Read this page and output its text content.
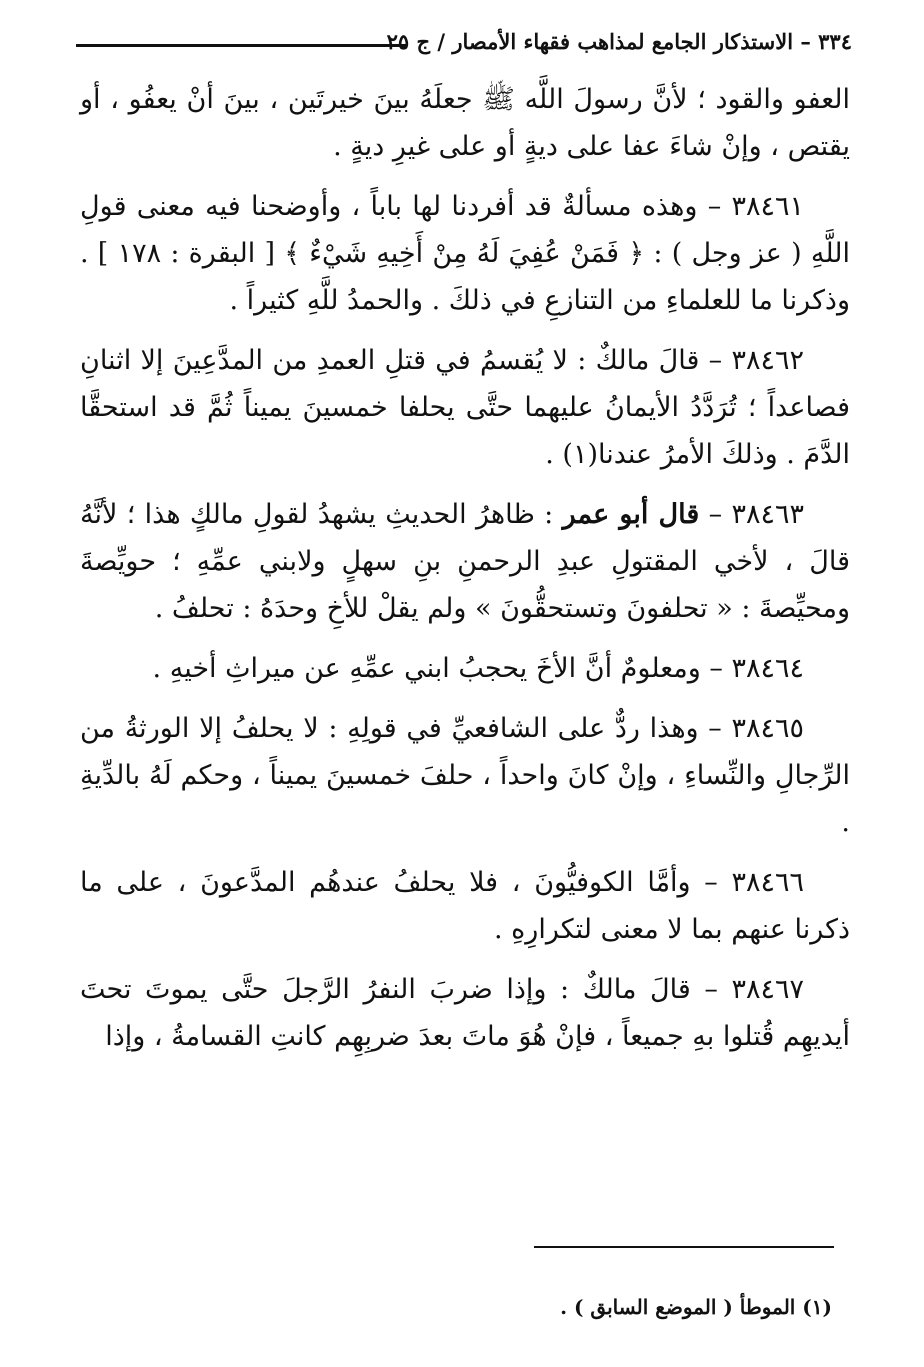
٣٣٤ – الاستذكار الجامع لمذاهب فقهاء الأمصار / ج ٢٥

العفو والقود ؛ لأنَّ رسولَ اللَّه ﷺ جعلَهُ بينَ خيرتَين ، بينَ أنْ يعفُو ، أو يقتص ، وإنْ شاءَ عفا على ديةٍ أو على غيرِ ديةٍ .

٣٨٤٦١ – وهذه مسألةٌ قد أفردنا لها باباً ، وأوضحنا فيه معنى قولِ اللَّهِ ( عز وجل ) : ﴿ فَمَنْ عُفِيَ لَهُ مِنْ أَخِيهِ شَيْءٌ ﴾ [ البقرة : ١٧٨ ] . وذكرنا ما للعلماءِ من التنازعِ في ذلكَ . والحمدُ للَّهِ كثيراً .

٣٨٤٦٢ – قالَ مالكٌ : لا يُقسمُ في قتلِ العمدِ من المدَّعِينَ إلا اثنانِ فصاعداً ؛ تُرَدَّدُ الأيمانُ عليهما حتَّى يحلفا خمسينَ يميناً ثُمَّ قد استحقَّا الدَّمَ . وذلكَ الأمرُ عندنا(١) .

٣٨٤٦٣ – قال أبو عمر : ظاهرُ الحديثِ يشهدُ لقولِ مالكٍ هذا ؛ لأنَّهُ قالَ ، لأخي المقتولِ عبدِ الرحمنِ بنِ سهلٍ ولابني عمِّهِ ؛ حويِّصةَ ومحيِّصةَ : « تحلفونَ وتستحقُّونَ » ولم يقلْ للأخِ وحدَهُ : تحلفُ .

٣٨٤٦٤ – ومعلومٌ أنَّ الأخَ يحجبُ ابني عمِّهِ عن ميراثِ أخيهِ .

٣٨٤٦٥ – وهذا ردٌّ على الشافعيِّ في قولِهِ : لا يحلفُ إلا الورثةُ من الرِّجالِ والنِّساءِ ، وإنْ كانَ واحداً ، حلفَ خمسينَ يميناً ، وحكم لَهُ بالدِّيةِ .

٣٨٤٦٦ – وأمَّا الكوفيُّونَ ، فلا يحلفُ عندهُم المدَّعونَ ، على ما ذكرنا عنهم بما لا معنى لتكرارِهِ .

٣٨٤٦٧ – قالَ مالكٌ : وإذا ضربَ النفرُ الرَّجلَ حتَّى يموتَ تحتَ أيديهِم قُتلوا بهِ جميعاً ، فإنْ هُوَ ماتَ بعدَ ضربِهِم كانتِ القسامةُ ، وإذا

(١) الموطأ ( الموضع السابق ) .
